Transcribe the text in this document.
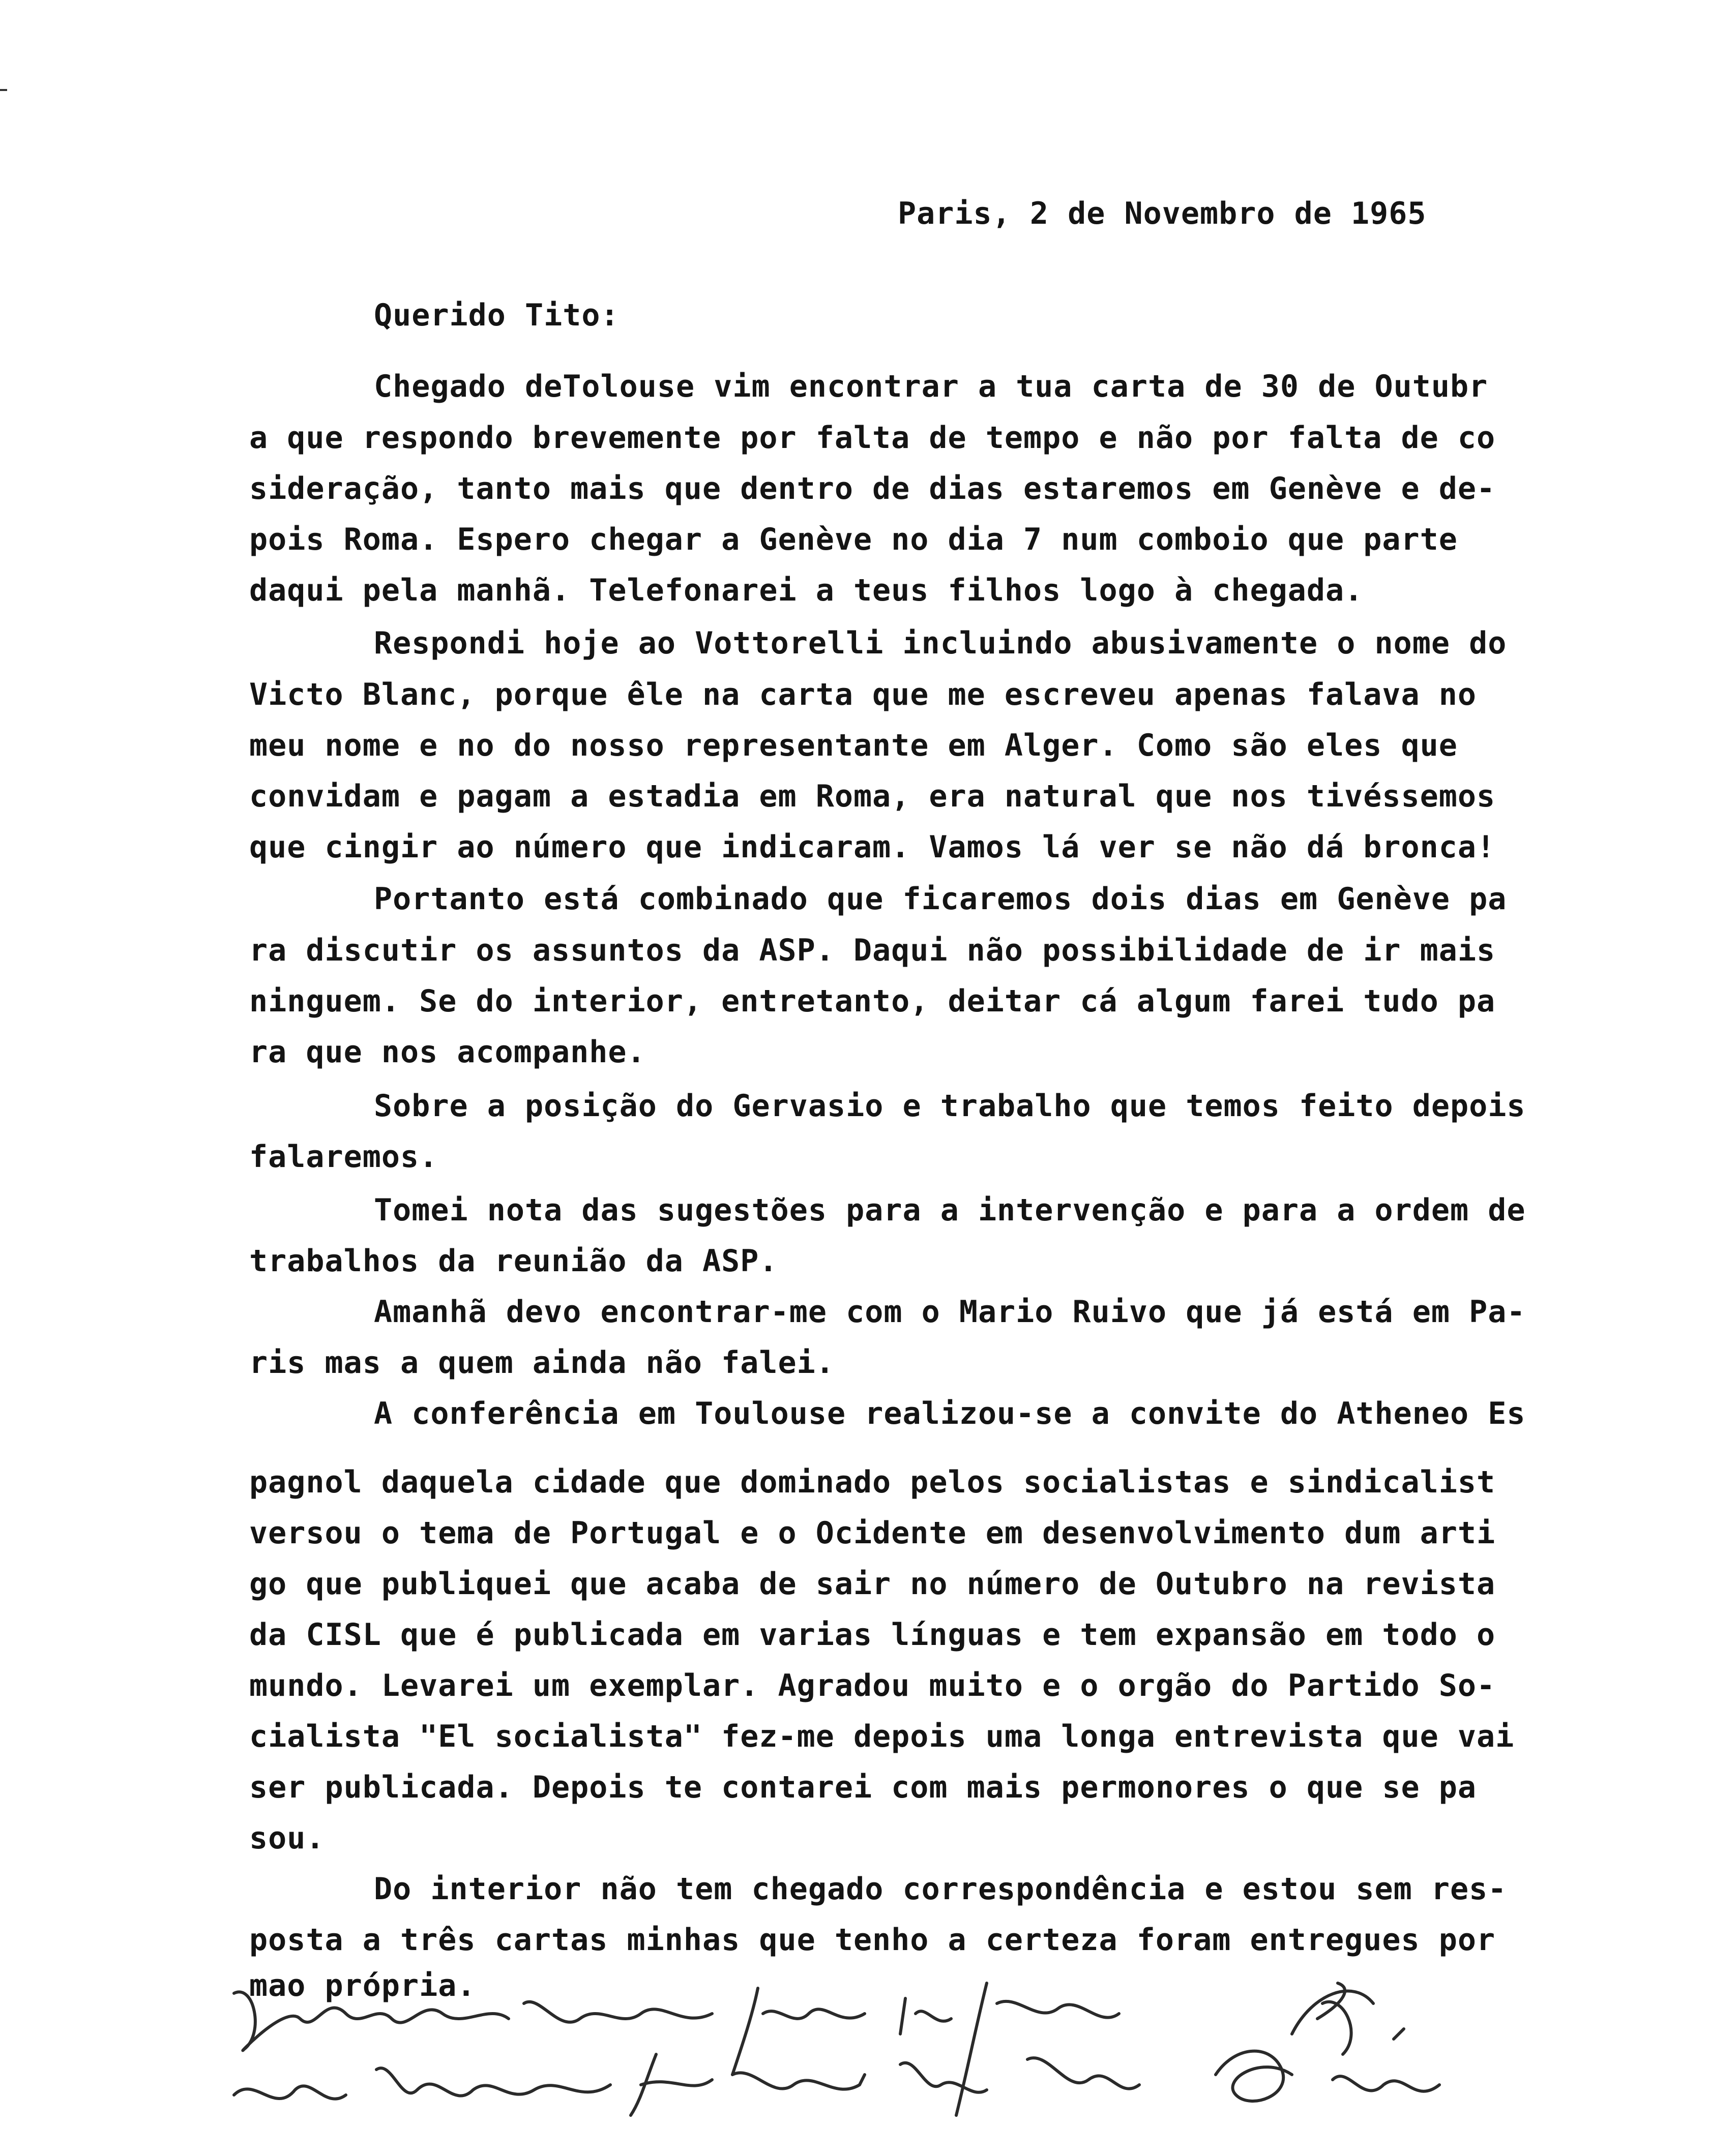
Paris, 2 de Novembro de 1965
Querido Tito:
Chegado deTolouse vim encontrar a tua carta de 30 de Outubr
a que respondo brevemente por falta de tempo e não por falta de co
sideração, tanto mais que dentro de dias estaremos em Genève e de-
pois Roma. Espero chegar a Genève no dia 7 num comboio que parte
daqui pela manhã. Telefonarei a teus filhos logo à chegada.
Respondi hoje ao Vottorelli incluindo abusivamente o nome do
Victo Blanc, porque êle na carta que me escreveu apenas falava no
meu nome e no do nosso representante em Alger. Como são eles que
convidam e pagam a estadia em Roma, era natural que nos tivéssemos
que cingir ao número que indicaram. Vamos lá ver se não dá bronca!
Portanto está combinado que ficaremos dois dias em Genève pa
ra discutir os assuntos da ASP. Daqui não possibilidade de ir mais
ninguem. Se do interior, entretanto, deitar cá algum farei tudo pa
ra que nos acompanhe.
Sobre a posição do Gervasio e trabalho que temos feito depois
falaremos.
Tomei nota das sugestões para a intervenção e para a ordem de
trabalhos da reunião da ASP.
Amanhã devo encontrar-me com o Mario Ruivo que já está em Pa-
ris mas a quem ainda não falei.
A conferência em Toulouse realizou-se a convite do Atheneo Es
pagnol daquela cidade que dominado pelos socialistas e sindicalist
versou o tema de Portugal e o Ocidente em desenvolvimento dum arti
go que publiquei que acaba de sair no número de Outubro na revista
da CISL que é publicada em varias línguas e tem expansão em todo o
mundo. Levarei um exemplar. Agradou muito e o orgão do Partido So-
cialista "El socialista" fez-me depois uma longa entrevista que vai
ser publicada. Depois te contarei com mais permonores o que se pa
sou.
Do interior não tem chegado correspondência e estou sem res-
posta a três cartas minhas que tenho a certeza foram entregues por
mao própria.
